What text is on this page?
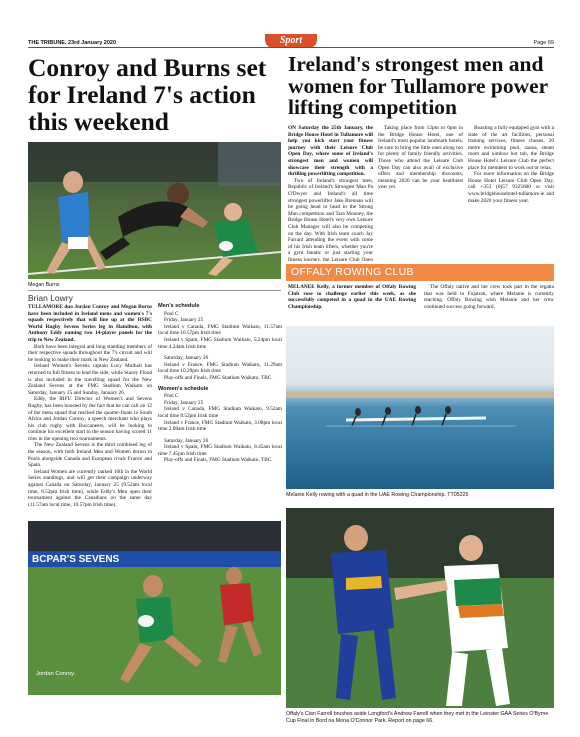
THE TRIBUNE, 23rd January 2020	Sport	Page 69
Conroy and Burns set for Ireland 7's action this weekend
Ireland's strongest men and women for Tullamore power lifting competition
Megan Burns
Brian Lowry

TULLAMORE duo Jordan Conroy and Megan Burns have been included in Ireland mens and women's 7's squads respectively that will line up at the HSBC World Rugby Sevens Series leg in Hamilton, with Anthony Eddy naming two 14-player panels for the trip to New Zealand.

Both have been integral and long standing members of their respective squads throughout the 7's circuit and will be looking to make their mark in New Zealand.

Ireland Women's Sevens captain Lucy Mulhall has returned to full fitness to lead the side, while Stacey Flood is also included in the travelling squad for the New Zealand Sevens at the FMG Stadium Waikato on Saturday, January 25 and Sunday, January 26.

Eddy, the IRFU Director of Women's and Sevens Rugby, has been boosted by the fact that he can call on 12 of the mens squad that reached the quarter-finals in South Africa and Jordan Conroy, a speech merchant who plays his club rugby with Buccaneers, will be looking to continue his excellent start to the season having scored 11 tries in the opening two tournaments.

The New Zealand Sevens is the third combined leg of the season, with both Ireland Men and Women drawn in Pools alongside Canada and European rivals France and Spain.

Ireland Women are currently ranked 10th in the World Series standings, and will get their campaign underway against Canada on Saturday, January 25 (9.52am local time, 8.52pm Irish time), while Eddy's Men open their tournament against the Canadians on the same day (11.57am local time, 10.57pm Irish time).

Men's schedule
Pool C
Friday, January 25
Ireland v Canada, FMG Stadium Waikato, 11.57am local time 10.57pm Irish time
Ireland v Spain, FMG Stadium Waikato, 5.24pm local time 4.24am Irish time
Saturday, January 26
Ireland v France, FMG Stadium Waikato, 11.29am local time 10.29pm Irish time
Play-offs and Finals, FMG Stadium Waikato, TBC.
Women's schedule
Pool C
Friday, January 25
Ireland v Canada, FMG Stadium Waikato, 9.52am local time 8.52pm Irish time
Ireland v France, FMG Stadium Waikato, 3.08pm local time 2.08am Irish time
Saturday, January 26
Ireland v Spain, FMG Stadium Waikato, 8.45am local time 7.45pm Irish time
Play-offs and Finals, FMG Stadium Waikato, TBC.
BCPAR'S SEVENS
Jordan Conroy.

ON Saturday the 25th January, the Bridge House Hotel in Tullamore will help you kick start your fitness journey with their Leisure Club Open Day, where some of Ireland's strongest men and women will showcase their strength with a thrilling powerlifting competition.

Two of Ireland's strongest men, Republic of Ireland's Strongest Man Pa O'Dwyer and Ireland's all time strongest powerlifter Jake Brennan will be going head to head in the Strong Man competition and Tara Mooney, the Bridge House Hotel's very own Leisure Club Manager will also be competing on the day. With Irish team coach Jay Farrant attending the event with some of his Irish team lifters, whether you're a gym fanatic or just starting your fitness journey, the Leisure Club Open

Taking place from 12pm to 6pm in the Bridge House Hotel, one of Ireland's most popular landmark hotels, be sure to bring the little ones along too for plenty of family friendly activities. Those who attend the Leisure Club Open Day can also avail of exclusive offers and membership discounts, meaning 2020 can be your healthiest year yet.

Boasting a fully equipped gym with a state of the art facilities, personal training services, fitness classes, 20 metre swimming pool, sauna, steam room and outdoor hot tub, the Bridge House Hotel's Leisure Club the perfect place for members to work out or relax.

For more information on the Bridge House Hotel Leisure Club Open Day, call +353 (0)57 9325600 or visit www.bridgehousehotel-tullamore.ie and make 2020 your fitness year.

OFFALY ROWING CLUB

MELANEE Kelly, a former member of Offaly Rowing Club rose to challenge earlier this week, as she successfully competed in a quad in the UAE Rowing Championship.

The Offaly native and her crew took part in the regatta that was held in Fujairah, where Melanie is currently teaching. Offaly Rowing wish Melanie and her crew continued success going forward.

Melanie Kelly rowing with a quad in the UAE Rowing Championship. TT05225
Offaly's Cian Farrell brushes aside Longford's Andrew Farrell when they met in the Leinster GAA Series O'Byrne Cup Final in Bord na Mona O'Connor Park. Report on page 66.
